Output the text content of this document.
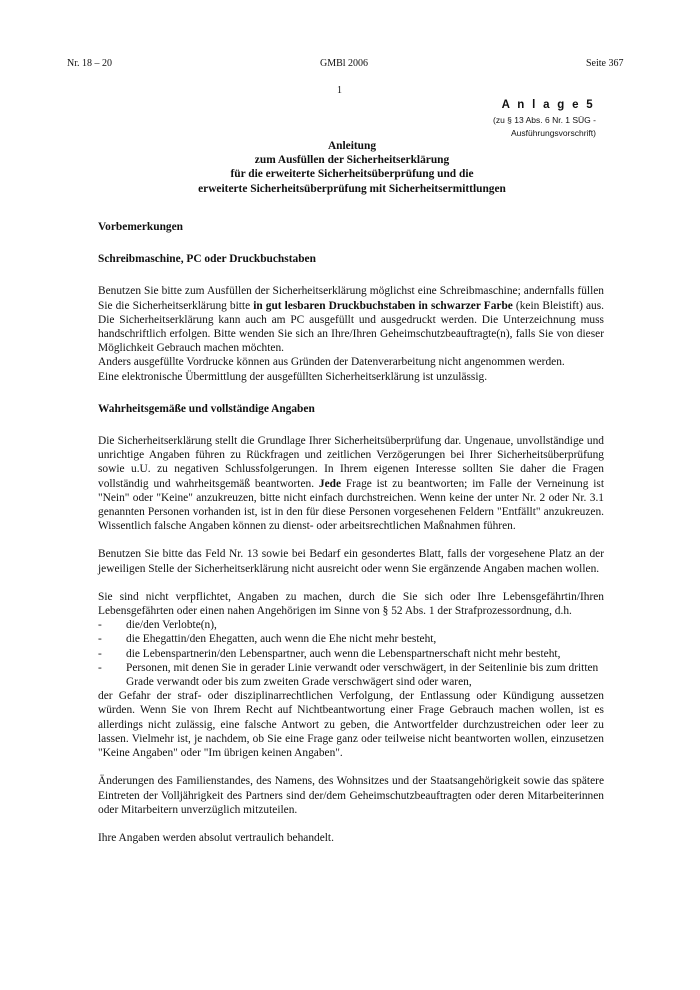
Nr. 18 – 20	GMBl 2006	Seite 367
1
A n l a g e 5
(zu § 13 Abs. 6 Nr. 1 SÜG -
Ausführungsvorschrift)
Anleitung
zum Ausfüllen der Sicherheitserklärung
für die erweiterte Sicherheitsüberprüfung und die
erweiterte Sicherheitsüberprüfung mit Sicherheitsermittlungen
Vorbemerkungen
Schreibmaschine, PC oder Druckbuchstaben

Benutzen Sie bitte zum Ausfüllen der Sicherheitserklärung möglichst eine Schreibmaschine; andernfalls füllen Sie die Sicherheitserklärung bitte in gut lesbaren Druckbuchstaben in schwarzer Farbe (kein Bleistift) aus. Die Sicherheitserklärung kann auch am PC ausgefüllt und ausgedruckt werden. Die Unterzeichnung muss handschriftlich erfolgen. Bitte wenden Sie sich an Ihre/Ihren Geheimschutzbeauftragte(n), falls Sie von dieser Möglichkeit Gebrauch machen möchten.

Anders ausgefüllte Vordrucke können aus Gründen der Datenverarbeitung nicht angenommen werden.

Eine elektronische Übermittlung der ausgefüllten Sicherheitserklärung ist unzulässig.

Wahrheitsgemäße und vollständige Angaben

Die Sicherheitserklärung stellt die Grundlage Ihrer Sicherheitsüberprüfung dar. Ungenaue, unvollständige und unrichtige Angaben führen zu Rückfragen und zeitlichen Verzögerungen bei Ihrer Sicherheitsüberprüfung sowie u.U. zu negativen Schlussfolgerungen. In Ihrem eigenen Interesse sollten Sie daher die Fragen vollständig und wahrheitsgemäß beantworten. Jede Frage ist zu beantworten; im Falle der Verneinung ist "Nein" oder "Keine" anzukreuzen, bitte nicht einfach durchstreichen. Wenn keine der unter Nr. 2 oder Nr. 3.1 genannten Personen vorhanden ist, ist in den für diese Personen vorgesehenen Feldern "Entfällt" anzukreuzen. Wissentlich falsche Angaben können zu dienst- oder arbeitsrechtlichen Maßnahmen führen.

Benutzen Sie bitte das Feld Nr. 13 sowie bei Bedarf ein gesondertes Blatt, falls der vorgesehene Platz an der jeweiligen Stelle der Sicherheitserklärung nicht ausreicht oder wenn Sie ergänzende Angaben machen wollen.

Sie sind nicht verpflichtet, Angaben zu machen, durch die Sie sich oder Ihre Lebensgefährtin/Ihren Lebensgefährten oder einen nahen Angehörigen im Sinne von § 52 Abs. 1 der Strafprozessordnung, d.h.

-	die/den Verlobte(n),
-	die Ehegattin/den Ehegatten, auch wenn die Ehe nicht mehr besteht,
-	die Lebenspartnerin/den Lebenspartner, auch wenn die Lebenspartnerschaft nicht mehr besteht,
-	Personen, mit denen Sie in gerader Linie verwandt oder verschwägert, in der Seitenlinie bis zum dritten Grade verwandt oder bis zum zweiten Grade verschwägert sind oder waren,

der Gefahr der straf- oder disziplinarrechtlichen Verfolgung, der Entlassung oder Kündigung aussetzen würden. Wenn Sie von Ihrem Recht auf Nichtbeantwortung einer Frage Gebrauch machen wollen, ist es allerdings nicht zulässig, eine falsche Antwort zu geben, die Antwortfelder durchzustreichen oder leer zu lassen. Vielmehr ist, je nachdem, ob Sie eine Frage ganz oder teilweise nicht beantworten wollen, einzusetzen "Keine Angaben" oder "Im übrigen keinen Angaben".

Änderungen des Familienstandes, des Namens, des Wohnsitzes und der Staatsangehörigkeit sowie das spätere Eintreten der Volljährigkeit des Partners sind der/dem Geheimschutzbeauftragten oder deren Mitarbeiterinnen oder Mitarbeitern unverzüglich mitzuteilen.

Ihre Angaben werden absolut vertraulich behandelt.
